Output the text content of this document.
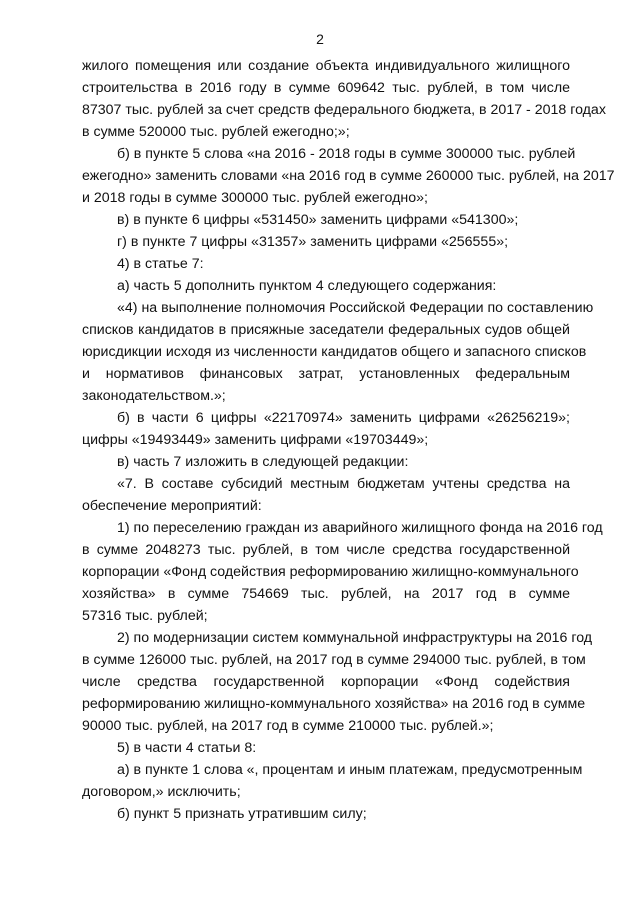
2
жилого помещения или создание объекта индивидуального жилищного
строительства в 2016 году в сумме 609642 тыс. рублей, в том числе
87307 тыс. рублей за счет средств федерального бюджета, в 2017 - 2018 годах
в сумме 520000 тыс. рублей ежегодно;»;
б) в пункте 5 слова «на 2016 - 2018 годы в сумме 300000 тыс. рублей
ежегодно» заменить словами «на 2016 год в сумме 260000 тыс. рублей, на 2017
и 2018 годы в сумме 300000 тыс. рублей ежегодно»;
в) в пункте 6 цифры «531450» заменить цифрами «541300»;
г) в пункте 7 цифры «31357» заменить цифрами «256555»;
4) в статье 7:
а) часть 5 дополнить пунктом 4 следующего содержания:
«4) на выполнение полномочия Российской Федерации по составлению
списков кандидатов в присяжные заседатели федеральных судов общей
юрисдикции исходя из численности кандидатов общего и запасного списков
и нормативов финансовых затрат, установленных федеральным
законодательством.»;
б) в части 6 цифры «22170974» заменить цифрами «26256219»;
цифры «19493449» заменить цифрами «19703449»;
в) часть 7 изложить в следующей редакции:
«7. В составе субсидий местным бюджетам учтены средства на
обеспечение мероприятий:
1) по переселению граждан из аварийного жилищного фонда на 2016 год
в сумме 2048273 тыс. рублей, в том числе средства государственной
корпорации «Фонд содействия реформированию жилищно-коммунального
хозяйства» в сумме 754669 тыс. рублей, на 2017 год в сумме
57316 тыс. рублей;
2) по модернизации систем коммунальной инфраструктуры на 2016 год
в сумме 126000 тыс. рублей, на 2017 год в сумме 294000 тыс. рублей, в том
числе средства государственной корпорации «Фонд содействия
реформированию жилищно-коммунального хозяйства» на 2016 год в сумме
90000 тыс. рублей, на 2017 год в сумме 210000 тыс. рублей.»;
5) в части 4 статьи 8:
а) в пункте 1 слова «, процентам и иным платежам, предусмотренным
договором,» исключить;
б) пункт 5 признать утратившим силу;
